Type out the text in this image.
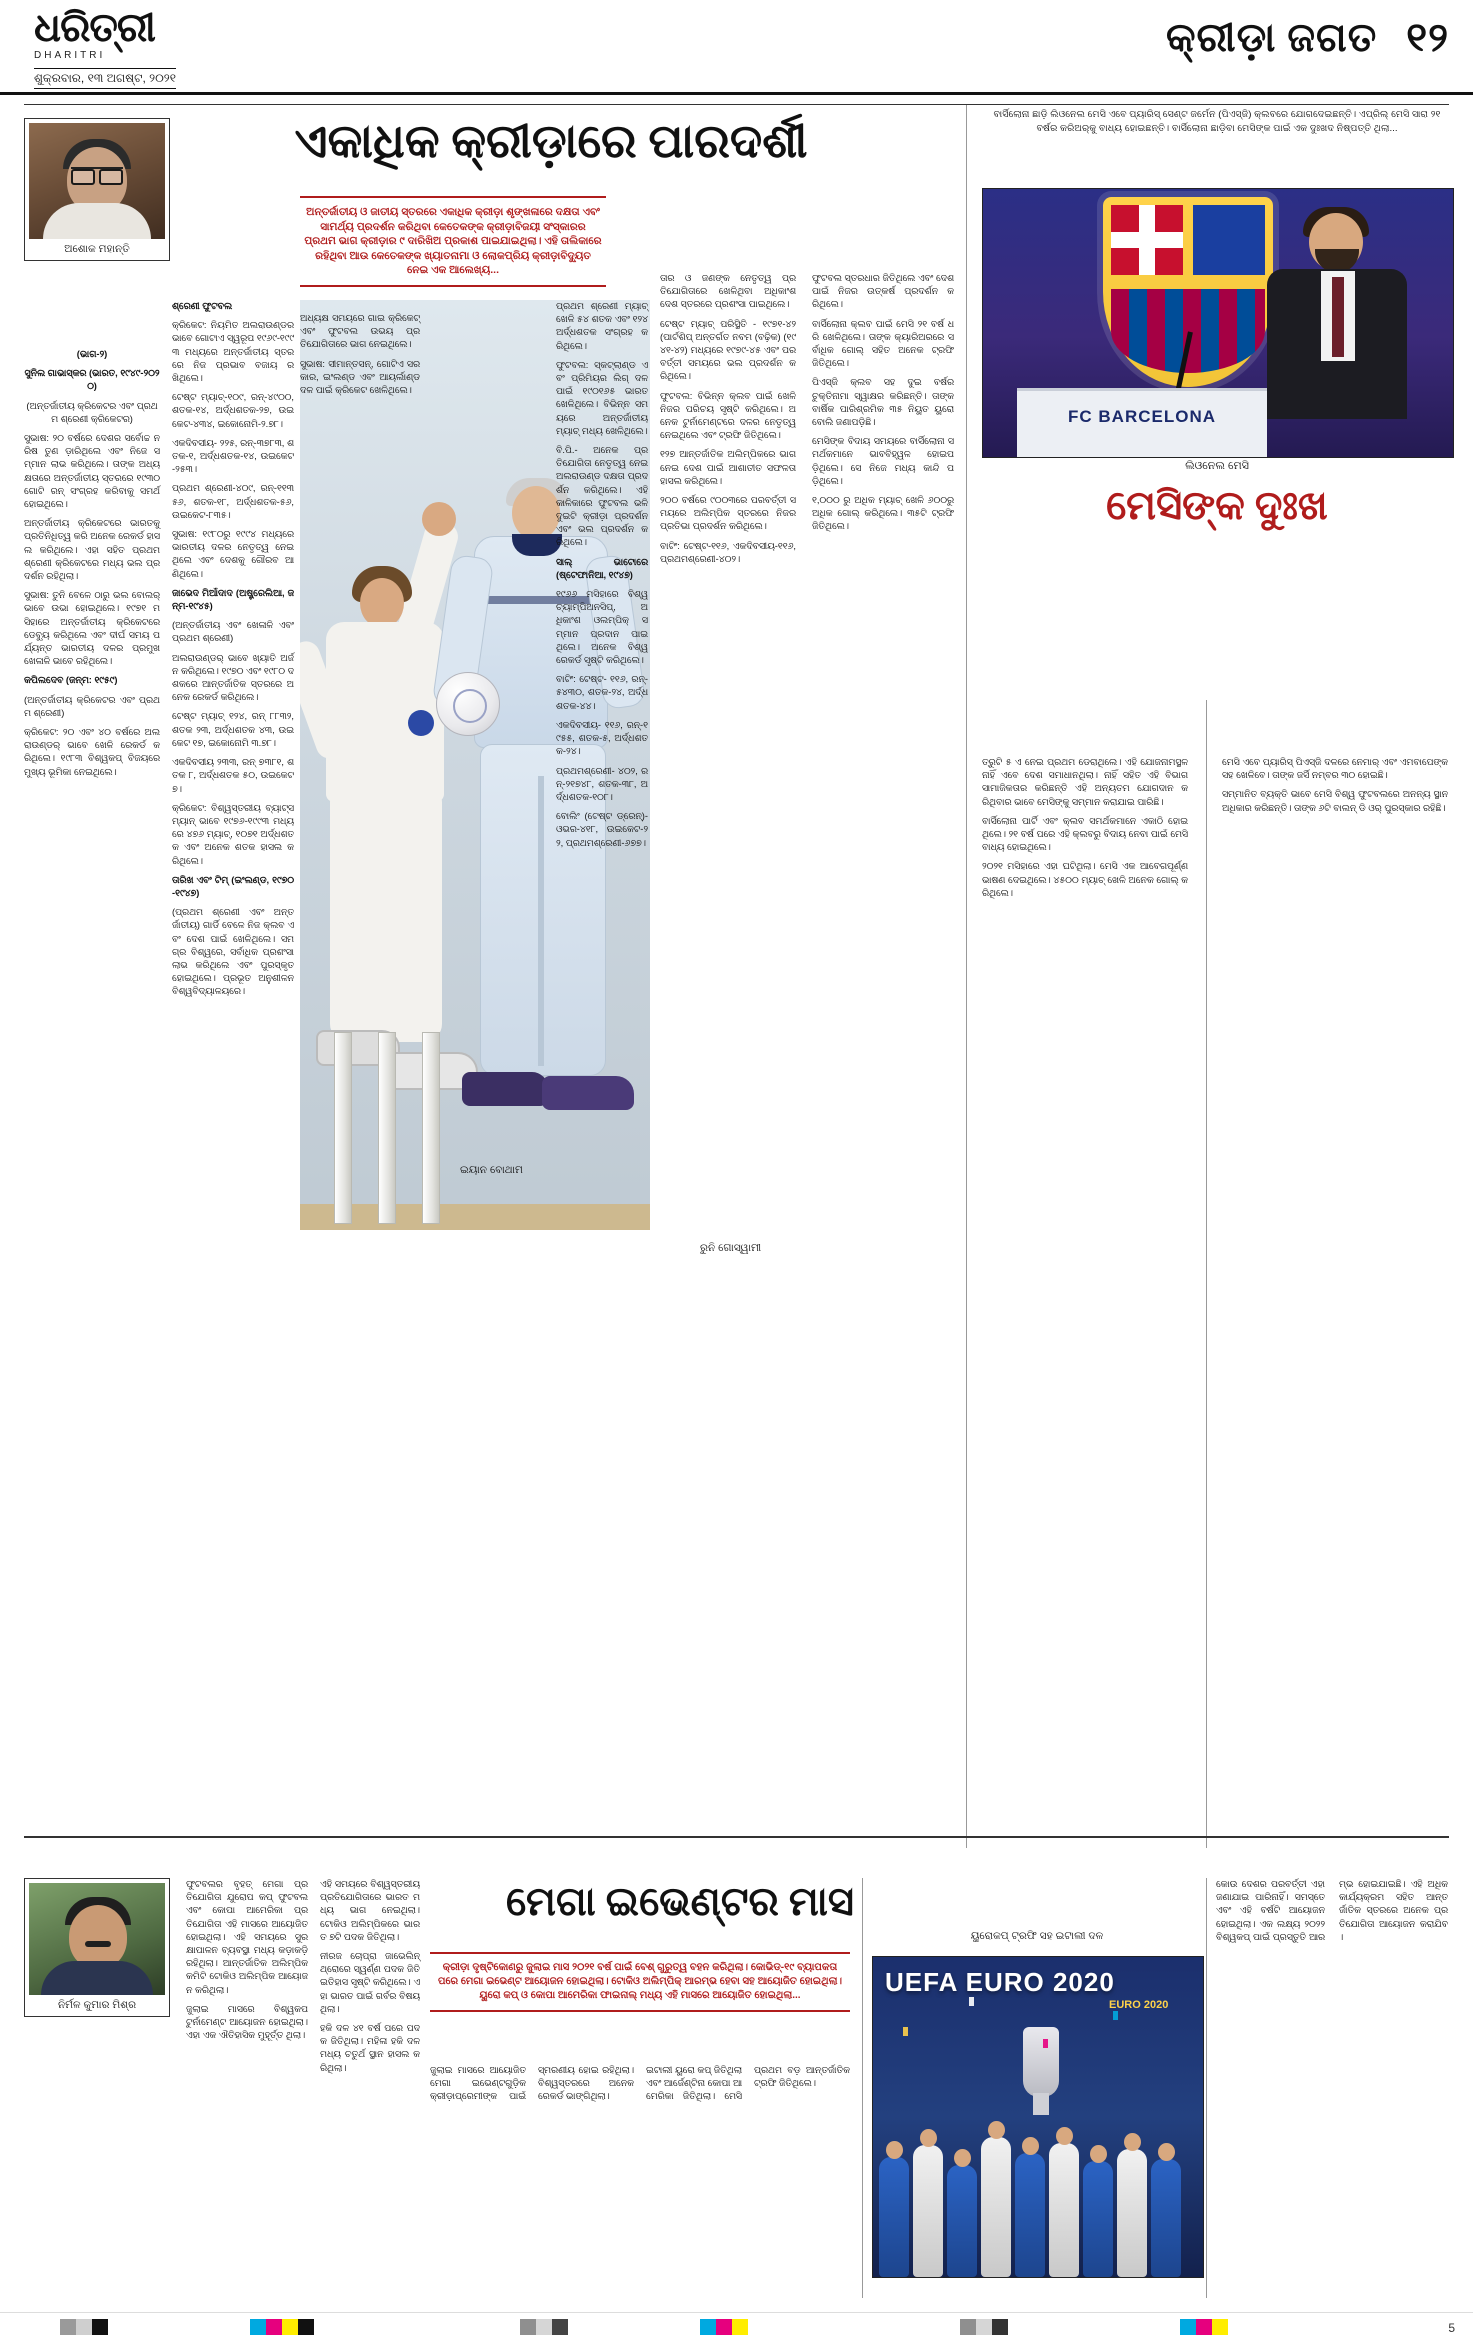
ଧରିତ୍ରୀ
DHARITRI
ଶୁକ୍ରବାର, ୧୩ ଅଗଷ୍ଟ, ୨୦୨୧
କ୍ରୀଡ଼ା ଜଗତ ୧୨
ଅଶୋକ ମହାନ୍ତି
ଏକାଧିକ କ୍ରୀଡ଼ାରେ ପାରଦର୍ଶୀ
ଅନ୍ତର୍ଜାତୀୟ ଓ ଜାତୀୟ ସ୍ତରରେ ଏକାଧିକ କ୍ରୀଡ଼ା ଶୃଙ୍ଖଳାରେ ଦକ୍ଷତା ଏବଂ ସାମର୍ଥ୍ୟ ପ୍ରଦର୍ଶନ କରିଥିବା କେତେକଙ୍କ କ୍ରୀଡ଼ାବିଜୟୀ ସଂସ୍କାରର ପ୍ରଥମ ଭାଗ କ୍ରୀଡ଼ାର ୯ ଦାରିଖିଅ ପ୍ରକାଶ ପାଇଯାଇଥିଲା। ଏହି ତାଲିକାରେ ରହିଥିବା ଆଉ କେତେକଙ୍କ ଖ୍ୟାତନାମା ଓ ଲୋକପ୍ରିୟ କ୍ରୀଡ଼ାବିଦ୍ୟୁତ ନେଇ ଏକ ଆଲେଖ୍ୟ...
ବାର୍ସିଲୋନା ଛାଡ଼ି ଲିଓନେଲ ମେସି ଏବେ ପ୍ୟାରିସ୍ ସେଣ୍ଟ ଜର୍ମେନ (ପିଏସ୍‌ଜି) କ୍ଲବରେ ଯୋଗଦେଇଛନ୍ତି। ଏପ୍ରିଲ୍ ମେସି ସାରା ୨୧ ବର୍ଷର କରିଅର୍‌କୁ ବାଧ୍ୟ ହୋଇଛନ୍ତି। ବାର୍ସିଲୋନା ଛାଡ଼ିବା ମେସିଙ୍କ ପାଇଁ ଏକ ଦୁଃଖଦ ନିଷ୍ପତ୍ତି ଥିଲା...
FC BARCELONA
ଲିଓନେଲ ମେସି
ମେସିଙ୍କ ଦୁଃଖ
ଇୟାନ ବୋଥାମ
ରୁନି ଗୋସ୍ୱାମୀ

(ଭାଗ-୨)

ସୁନିଲ ଗାଭାସ୍କର (ଭାରତ, ୧୯୪୯-୨୦୨୦)

(ଅନ୍ତର୍ଜାତୀୟ କ୍ରିକେଟର ଏବଂ ପ୍ରଥମ ଶ୍ରେଣୀ କ୍ରିକେଟର)

ସୁଭାଷ: ୨୦ ବର୍ଷରେ ଦେଶର ସର୍ବୋଚ୍ଚ ନରିଷ ତୁଣ ଡ଼ାରିଥିଲେ ଏବଂ ନିଜେ ସମ୍ମାନ ଲାଭ କରିଥିଲେ। ତାଙ୍କ ଅଧ୍ୟକ୍ଷତାରେ ଅନ୍ତର୍ଜାତୀୟ ସ୍ତରରେ ୧୯୩୦ ଗୋଟି ରନ୍ ସଂଗ୍ରହ କରିବାକୁ ସମର୍ଥ ହୋଇଥିଲେ।

ଅନ୍ତର୍ଜାତୀୟ କ୍ରିକେଟରେ ଭାରତକୁ ପ୍ରତିନିଧିତ୍ୱ କରି ଅନେକ ରେକର୍ଡ ହାସଲ କରିଥିଲେ। ଏହା ସହିତ ପ୍ରଥମ ଶ୍ରେଣୀ କ୍ରିକେଟରେ ମଧ୍ୟ ଭଲ ପ୍ରଦର୍ଶନ ରହିଥିଲା।

ସୁଭାଷ: ତୁନି ବେଳେ ଠାରୁ ଭଲ ବୋଲର୍ ଭାବେ ଉଭା ହୋଇଥିଲେ। ୧୯୭୧ ମସିହାରେ ଅନ୍ତର୍ଜାତୀୟ କ୍ରିକେଟରେ ଡେବ୍ୟୁ କରିଥିଲେ ଏବଂ ଦୀର୍ଘ ସମୟ ପର୍ଯ୍ୟନ୍ତ ଭାରତୀୟ ଦଳର ପ୍ରମୁଖ ଖେଳାଳି ଭାବେ ରହିଥିଲେ।

କପିଲଦେବ (ଜନ୍ମ: ୧୯୫୯)

(ଅନ୍ତର୍ଜାତୀୟ କ୍ରିକେଟର ଏବଂ ପ୍ରଥମ ଶ୍ରେଣୀ)

କ୍ରିକେଟ: ୨୦ ଏବଂ ୪୦ ବର୍ଷରେ ଅଲରାଉଣ୍ଡର୍ ଭାବେ ଖେଳି ରେକର୍ଡ କରିଥିଲେ। ୧୯୮୩ ବିଶ୍ୱକପ୍ ବିଜୟରେ ମୁଖ୍ୟ ଭୂମିକା ନେଇଥିଲେ।

ଶ୍ରେଣୀ ଫୁଟବଲ

କ୍ରିକେଟ: ନିୟମିତ ଅଲରାଉଣ୍ଡର ଭାବେ ଗୋଟାଏ ସ୍ୱରୂପ ୧୯୬୯-୧୯୯୩ ମଧ୍ୟରେ ଅନ୍ତର୍ଜାତୀୟ ସ୍ତରରେ ନିଜ ପ୍ରଭାବ ବଜାୟ ରଖିଥିଲେ।

ଟେଷ୍ଟ ମ୍ୟାଚ୍-୧୦୯, ରନ୍-୪୯୦୦, ଶତକ-୧୪, ଅର୍ଦ୍ଧଶତକ-୨୭, ଉଇକେଟ-୪୩୪, ଇକୋନୋମି-୨.୭୮।

ଏକଦିବସୀୟ- ୨୨୫, ରନ୍-୩୭୮୩, ଶତକ-୧, ଅର୍ଦ୍ଧଶତକ-୧୪, ଉଇକେଟ-୨୫୩।

ପ୍ରଥମ ଶ୍ରେଣୀ-୪୦୯, ରନ୍-୧୧୩୫୬, ଶତକ-୧୮, ଅର୍ଦ୍ଧଶତକ-୫୬, ଉଇକେଟ-୮୩୫।

ସୁଭାଷ: ୧୯୮୦ରୁ ୧୯୯୪ ମଧ୍ୟରେ ଭାରତୀୟ ଦଳର ନେତୃତ୍ୱ ନେଇଥିଲେ ଏବଂ ଦେଶକୁ ଗୌରବ ଆଣିଥିଲେ।

ଜାଭେଦ ମିଆଁଦାଦ (ଅଷ୍ଟ୍ରେଲିଆ, ଜନ୍ମ-୧୯୪୫)

(ଅନ୍ତର୍ଜାତୀୟ ଏବଂ ଖେଳାଳି ଏବଂ ପ୍ରଥମ ଶ୍ରେଣୀ)

ଅଲରାଉଣ୍ଡର୍ ଭାବେ ଖ୍ୟାତି ଅର୍ଜନ କରିଥିଲେ। ୧୯୭୦ ଏବଂ ୧୯୮୦ ଦଶକରେ ଆନ୍ତର୍ଜାତିକ ସ୍ତରରେ ଅନେକ ରେକର୍ଡ କରିଥିଲେ।

ଟେଷ୍ଟ ମ୍ୟାଚ୍ ୧୨୪, ରନ୍ ୮୮୩୨, ଶତକ ୨୩, ଅର୍ଦ୍ଧଶତକ ୪୩, ଉଇକେଟ ୧୭, ଇକୋନୋମି ୩.୭୮।

ଏକଦିବସୀୟ ୨୩୩, ରନ୍ ୭୩୮୧, ଶତକ ୮, ଅର୍ଦ୍ଧଶତକ ୫୦, ଉଇକେଟ ୭।

କ୍ରିକେଟ: ବିଶ୍ୱସ୍ତରୀୟ ବ୍ୟାଟ୍ସମ୍ୟାନ୍ ଭାବେ ୧୯୭୬-୧୯୯୩ ମଧ୍ୟରେ ୪୭୬ ମ୍ୟାଚ୍, ୧୦୭୧ ଅର୍ଦ୍ଧଶତକ ଏବଂ ଅନେକ ଶତକ ହାସଲ କରିଥିଲେ।

ତାରିଖ ଏବଂ ଟିମ୍ (ଇଂଲଣ୍ଡ, ୧୯୭୦-୧୯୪୭)

(ପ୍ରଥମ ଶ୍ରେଣୀ ଏବଂ ଅନ୍ତର୍ଜାତୀୟ) ଗାର୍ଡି ବେଳେ ନିଜ କ୍ଲବ ଏବଂ ଦେଶ ପାଇଁ ଖେଳିଥିଲେ। ସମଗ୍ର ବିଶ୍ୱରେ, ସର୍ବାଧିକ ପ୍ରଶଂସା ଲାଭ କରିଥିଲେ ଏବଂ ପୁରସ୍କୃତ ହୋଇଥିଲେ। ପ୍ରଭୂତ ଅନୁଶୀଳନ ବିଶ୍ୱବିଦ୍ୟାଳୟରେ।

ଅଧ୍ୟକ୍ଷ ସମୟରେ ଗାଇ କ୍ରିକେଟ୍ ଏବଂ ଫୁଟବଲ ଉଭୟ ପ୍ରତିଯୋଗିତାରେ ଭାଗ ନେଇଥିଲେ।

ସୁଭାଷ: ସୀମାନ୍ତସନ୍, ଗୋଟିଏ ସରକାର, ଇଂଲଣ୍ଡ ଏବଂ ଆୟର୍ଲାଣ୍ଡ ଦଳ ପାଇଁ କ୍ରିକେଟ ଖେଳିଥିଲେ।

ପ୍ରଥମ ଶ୍ରେଣୀ ମ୍ୟାଚ୍ ଖେଳି ୫୪ ଶତକ ଏବଂ ୧୨୪ ଅର୍ଦ୍ଧଶତକ ସଂଗ୍ରହ କରିଥିଲେ।

ଫୁଟବଲ: ସ୍କଟ୍‌ଲାଣ୍ଡ ଏବଂ ପ୍ରିମିୟର ଲିଗ୍ ଦଳ ପାଇଁ ୧୯୦୧୬୫ ଭାରତ ଖେଳିଥିଲେ। ବିଭିନ୍ନ ସମୟରେ ଅନ୍ତର୍ଜାତୀୟ ମ୍ୟାଚ୍ ମଧ୍ୟ ଖେଳିଥିଲେ।

ବି.ପି.- ଅନେକ ପ୍ରତିଯୋଗିତା ନେତୃତ୍ୱ ନେଇ ଅଲରାଉଣ୍ଡ ଦକ୍ଷତା ପ୍ରଦର୍ଶନ କରିଥିଲେ। ଏହି କାଳିକାରେ ଫୁଟବଲ ଭଳି ଦୁଇଟି କ୍ରୀଡ଼ା ପ୍ରଦର୍ଶନ ଏବଂ ଭଲ ପ୍ରଦର୍ଶନ କରିଥିଲେ।

ସାଲ୍ ଭାଟୋରେ (ଷ୍ଟେଫାନିଆ, ୧୯୪୭)

୧୯୬୬ ମସିହାରେ ବିଶ୍ୱ ଚ୍ୟାମ୍ପିଅନସିପ୍, ଅଧିକାଂଶ ଓଲମ୍ପିକ୍ ସମ୍ମାନ ପ୍ରଦାନ ପାଇଥିଲେ। ଅନେକ ବିଶ୍ୱରେକର୍ଡ ସୃଷ୍ଟି କରିଥିଲେ।

ବାଟିଂ: ଟେଷ୍ଟ- ୧୧୬, ରନ୍-୫୪୩୦, ଶତକ-୨୪, ଅର୍ଦ୍ଧଶତକ-୪୪।

ଏକଦିବସୀୟ- ୧୧୬, ରନ୍-୧୯୫୫, ଶତକ-୫, ଅର୍ଦ୍ଧଶତକ-୨୪।

ପ୍ରଥମଶ୍ରେଣୀ- ୪୦୨, ରନ୍-୨୧୭୪୮, ଶତକ-୩୮, ଅର୍ଦ୍ଧଶତକ-୧୦୮।

ବୋଲିଂ (ଟେଷ୍ଟ ଡ୍ରେନ୍)- ଓଭର-୪୧୮, ଉଇକେଟ-୨୨, ପ୍ରଥମଶ୍ରେଣୀ-୬୭୭।

ତାର ଓ ଜଣଙ୍କ ନେତୃତ୍ୱ ପ୍ରତିଯୋଗିତାରେ ଖେଳିଥିବା ଅଧିକାଂଶ ଦେଶ ସ୍ତରରେ ପ୍ରଶଂସା ପାଇଥିଲେ।

ଟେଷ୍ଟ ମ୍ୟାଚ୍ ପରିସ୍ଥିତି - ୧୯୭୧-୪୨ (ପାର୍ଟଶିପ୍ ଅନ୍ତର୍ଗତ ନବମ (ବଢ଼ିକ) (୧୯୪୧-୪୨) ମଧ୍ୟରେ ୧୯୭୯-୪୫ ଏବଂ ପରବର୍ତ୍ତୀ ସମୟରେ ଭଲ ପ୍ରଦର୍ଶନ କରିଥିଲେ।

ଫୁଟବଲ: ବିଭିନ୍ନ କ୍ଲବ ପାଇଁ ଖେଳି ନିଜର ପରିଚୟ ସୃଷ୍ଟି କରିଥିଲେ। ଅନେକ ଟୁର୍ନାମେଣ୍ଟରେ ଦଳର ନେତୃତ୍ୱ ନେଇଥିଲେ ଏବଂ ଟ୍ରଫି ଜିତିଥିଲେ।

୧୨୭ ଆନ୍ତର୍ଜାତିକ ଅଲିମ୍ପିକରେ ଭାଗ ନେଇ ଦେଶ ପାଇଁ ଆଶାତୀତ ସଫଳତା ହାସଲ କରିଥିଲେ।

୨୦୦ ବର୍ଷରେ ୯୦୦୩ରେ ପରବର୍ତ୍ତୀ ସମୟରେ ଅଲିମ୍ପିକ ସ୍ତରରେ ନିଜର ପ୍ରତିଭା ପ୍ରଦର୍ଶନ କରିଥିଲେ।

ବାଟିଂ: ଟେଷ୍ଟ-୧୧୬, ଏକଦିବସୀୟ-୧୧୬, ପ୍ରଥମଶ୍ରେଣୀ-୪୦୨।

ଫୁଟବଲ ସ୍ତରଧାର ଜିତିଥିଲେ ଏବଂ ଦେଶ ପାଇଁ ନିଜର ଉତ୍କର୍ଷ ପ୍ରଦର୍ଶନ କରିଥିଲେ।

ବାର୍ସିଲୋନା କ୍ଲବ ପାଇଁ ମେସି ୨୧ ବର୍ଷ ଧରି ଖେଳିଥିଲେ। ତାଙ୍କ କ୍ୟାରିଅରରେ ସର୍ବାଧିକ ଗୋଲ୍ ସହିତ ଅନେକ ଟ୍ରଫି ଜିତିଥିଲେ।

ପିଏସ୍‌ଜି କ୍ଲବ ସହ ଦୁଇ ବର୍ଷର ଚୁକ୍ତିନାମା ସ୍ୱାକ୍ଷର କରିଛନ୍ତି। ତାଙ୍କ ବାର୍ଷିକ ପାରିଶ୍ରମିକ ୩୫ ନିୟୁତ ୟୁରୋ ବୋଲି ଜଣାପଡ଼ିଛି।

ମେସିଙ୍କ ବିଦାୟ ସମୟରେ ବାର୍ସିଲୋନା ସମର୍ଥକମାନେ ଭାବବିହ୍ୱଳ ହୋଇପଡ଼ିଥିଲେ। ସେ ନିଜେ ମଧ୍ୟ କାନ୍ଦି ପଡ଼ିଥିଲେ।

୧,୦୦୦ ରୁ ଅଧିକ ମ୍ୟାଚ୍ ଖେଳି ୬୦୦ରୁ ଅଧିକ ଗୋଲ୍ କରିଥିଲେ। ୩୫ଟି ଟ୍ରଫି ଜିତିଥିଲେ।

ତ୍ରୁଟି ୫ ଏ ନେଇ ପ୍ରଥମ ଡେରାଥିଲେ। ଏହି ଯୋଜନାମସ୍ଥଳ ନାହିଁ ଏବେ ଦେଶ ସମାଧାନଥିଲା। ନାହିଁ ସହିତ ଏହି ବିଭାଗ ସାମାଜିକତାର କରିଛନ୍ତି ଏହି ଅନ୍ୟତମ ଯୋଗଦାନ କରିଥିବାର ଭାବେ ମେସିଙ୍କୁ ସମ୍ମାନ କରାଯାଇ ପାରିଛି।

ବାର୍ସିଲୋନା ପାର୍ଟି ଏବଂ କ୍ଲବ ସମର୍ଥକମାନେ ଏକାଠି ହୋଇଥିଲେ। ୨୧ ବର୍ଷ ପରେ ଏହି କ୍ଲବରୁ ବିଦାୟ ନେବା ପାଇଁ ମେସି ବାଧ୍ୟ ହୋଇଥିଲେ।

୨୦୨୧ ମସିହାରେ ଏହା ଘଟିଥିଲା। ମେସି ଏକ ଆବେଗପୂର୍ଣ୍ଣ ଭାଷଣ ଦେଇଥିଲେ। ୪୫୦୦ ମ୍ୟାଚ୍ ଖେଳି ଅନେକ ଗୋଲ୍ କରିଥିଲେ।

ମେସି ଏବେ ପ୍ୟାରିସ୍ ପିଏସ୍‌ଜି ଦଳରେ ନେମାର୍ ଏବଂ ଏମବାପେଙ୍କ ସହ ଖେଳିବେ। ତାଙ୍କ ଜର୍ସି ନମ୍ବର ୩୦ ହୋଇଛି।

ସମ୍ମାନିତ ବ୍ୟକ୍ତି ଭାବେ ମେସି ବିଶ୍ୱ ଫୁଟବଲରେ ଅନନ୍ୟ ସ୍ଥାନ ଅଧିକାର କରିଛନ୍ତି। ତାଙ୍କ ୬ଟି ବାଲନ୍ ଡି ଓର୍ ପୁରସ୍କାର ରହିଛି।

ନିର୍ମଳ କୁମାର ମିଶ୍ର
ମେଗା ଇଭେଣ୍ଟର ମାସ
କ୍ରୀଡ଼ା ଦୃଷ୍ଟିକୋଣରୁ ଜୁଲାଇ ମାସ ୨୦୨୧ ବର୍ଷ ପାଇଁ ବେଶ୍ ଗୁରୁତ୍ୱ ବହନ କରିଥିଲା। କୋଭିଡ୍-୧୯ ବ୍ୟାପକତା ପରେ ମେଗା ଇଭେଣ୍ଟ ଆୟୋଜନ ହୋଇଥିଲା। ଟୋକିଓ ଅଲିମ୍ପିକ୍ ଆରମ୍ଭ ହେବା ସହ ଆୟୋଜିତ ହୋଇଥିଲା। ୟୁରୋ କପ୍ ଓ କୋପା ଆମେରିକା ଫାଇନାଲ୍ ମଧ୍ୟ ଏହି ମାସରେ ଆୟୋଜିତ ହୋଇଥିଲା...
ୟୁରୋକପ୍ ଟ୍ରଫି ସହ ଇଟାଲୀ ଦଳ
UEFA EURO 2020
EURO 2020

ଫୁଟବଲର ବୃହତ୍ ମେଗା ପ୍ରତିଯୋଗିତା ଯୁରୋପ କପ୍ ଫୁଟବଲ ଏବଂ କୋପା ଆମେରିକା ପ୍ରତିଯୋଗିତା ଏହି ମାସରେ ଆୟୋଜିତ ହୋଇଥିଲା। ଏହି ସମୟରେ ସୁରକ୍ଷାପାଳନ ବ୍ୟବସ୍ଥା ମଧ୍ୟ କଡ଼ାକଡ଼ି ରହିଥିଲା। ଆନ୍ତର୍ଜାତିକ ଅଲିମ୍ପିକ କମିଟି ଟୋକିଓ ଅଲିମ୍ପିକ ଆୟୋଜନ କରିଥିଲା।

ଜୁଲାଇ ମାସରେ ବିଶ୍ୱକପ ଟୁର୍ନାମେଣ୍ଟ ଆୟୋଜନ ହୋଇଥିଲା। ଏହା ଏକ ଐତିହାସିକ ମୁହୂର୍ତ୍ତ ଥିଲା।

ଏହି ସମୟରେ ବିଶ୍ୱସ୍ତରୀୟ ପ୍ରତିଯୋଗିତାରେ ଭାରତ ମଧ୍ୟ ଭାଗ ନେଇଥିଲା। ଟୋକିଓ ଅଲିମ୍ପିକରେ ଭାରତ ୭ଟି ପଦକ ଜିତିଥିଲା।

ନୀରଜ ଚୋପ୍ରା ଜାଭେଲିନ୍ ଥ୍ରୋରେ ସ୍ୱର୍ଣ୍ଣ ପଦକ ଜିତି ଇତିହାସ ସୃଷ୍ଟି କରିଥିଲେ। ଏହା ଭାରତ ପାଇଁ ଗର୍ବର ବିଷୟ ଥିଲା।

ହକି ଦଳ ୪୧ ବର୍ଷ ପରେ ପଦକ ଜିତିଥିଲା। ମହିଳା ହକି ଦଳ ମଧ୍ୟ ଚତୁର୍ଥ ସ୍ଥାନ ହାସଲ କରିଥିଲା।	ଜୁଲାଇ ମାସରେ ଆୟୋଜିତ ମେଗା ଇଭେଣ୍ଟଗୁଡ଼ିକ କ୍ରୀଡ଼ାପ୍ରେମୀଙ୍କ ପାଇଁ ସ୍ମରଣୀୟ ହୋଇ ରହିଥିଲା। ବିଶ୍ୱସ୍ତରରେ ଅନେକ ରେକର୍ଡ ଭାଙ୍ଗିଥିଲା।

ଇଟାଲୀ ୟୁରୋ କପ୍ ଜିତିଥିଲା ଏବଂ ଆର୍ଜେଣ୍ଟିନା କୋପା ଆମେରିକା ଜିତିଥିଲା। ମେସି ପ୍ରଥମ ବଡ଼ ଆନ୍ତର୍ଜାତିକ ଟ୍ରଫି ଜିତିଥିଲେ।

କୋଉ ଦେଶର ପରବର୍ତ୍ତୀ ଏହା ଜଣାଯାଇ ପାରିନାହିଁ। ସମସ୍ତେ ଏବଂ ଏହି ବର୍ଷଟି ଆୟୋଜନ ହୋଇଥିଲା। ଏକ ଲକ୍ଷ୍ୟ ୨୦୨୨ ବିଶ୍ୱକପ୍ ପାଇଁ ପ୍ରସ୍ତୁତି ଆରମ୍ଭ ହୋଇଯାଇଛି। ଏହି ଅଧିକ କାର୍ଯ୍ୟକ୍ରମ ସହିତ ଆନ୍ତର୍ଜାତିକ ସ୍ତରରେ ଅନେକ ପ୍ରତିଯୋଗିତା ଆୟୋଜନ କରାଯିବ।

5
